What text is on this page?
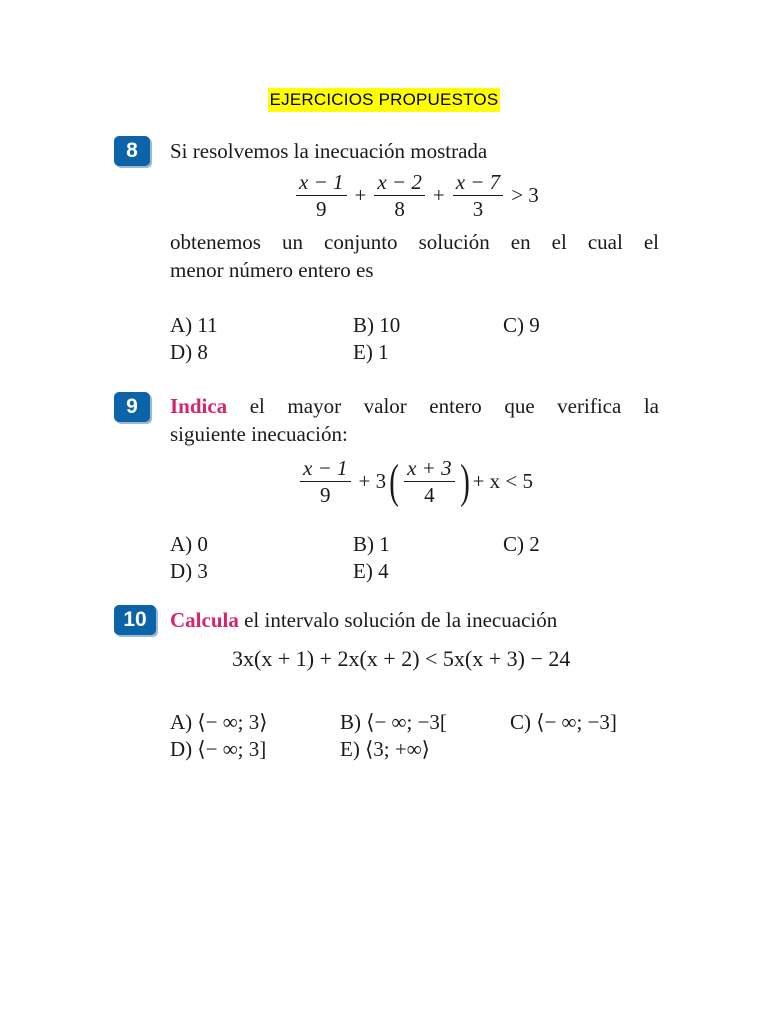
EJERCICIOS PROPUESTOS
8	Si resolvemos la inecuación mostrada
$\frac{x - 1}{9} + \frac{x - 2}{8} + \frac{x - 7}{3} > 3$
obtenemos un conjunto solución en el cual el
menor número entero es
A) 11	B) 10	C) 9
D) 8	E) 1
9	Indica el mayor valor entero que verifica la
siguiente inecuación:
$\frac{x - 1}{9} + 3$ ( $\frac{x + 3}{4}$ ) + x < 5
A) 0	B) 1	C) 2
D) 3	E) 4
10	Calcula el intervalo solución de la inecuación
3x(x + 1) + 2x(x + 2) < 5x(x + 3) − 24
A) ⟨− ∞; 3⟩	B) ⟨− ∞; −3[	C) ⟨− ∞; −3]
D) ⟨− ∞; 3]	E) ⟨3; +∞⟩
